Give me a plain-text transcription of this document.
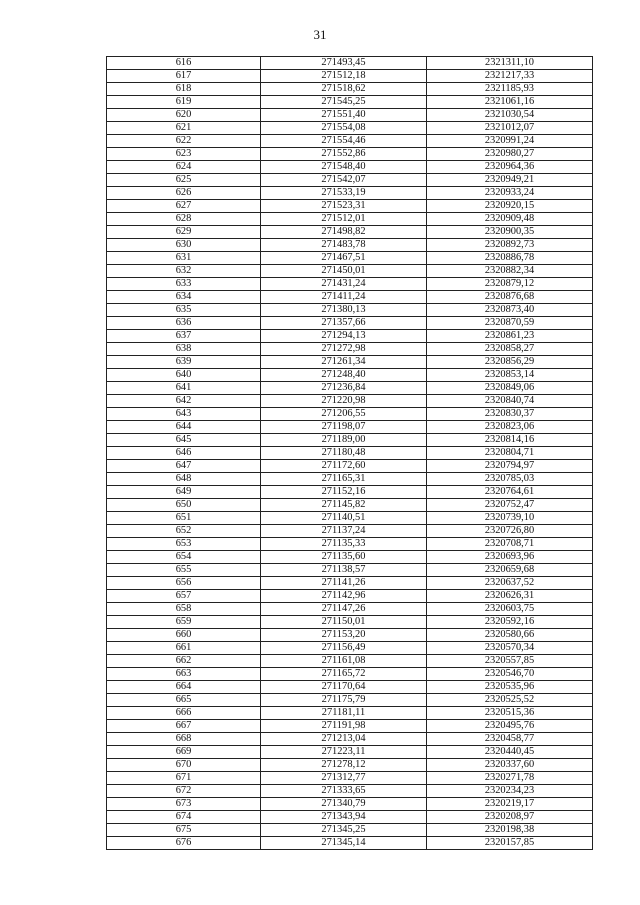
31
616	271493,45	2321311,10
617	271512,18	2321217,33
618	271518,62	2321185,93
619	271545,25	2321061,16
620	271551,40	2321030,54
621	271554,08	2321012,07
622	271554,46	2320991,24
623	271552,86	2320980,27
624	271548,40	2320964,36
625	271542,07	2320949,21
626	271533,19	2320933,24
627	271523,31	2320920,15
628	271512,01	2320909,48
629	271498,82	2320900,35
630	271483,78	2320892,73
631	271467,51	2320886,78
632	271450,01	2320882,34
633	271431,24	2320879,12
634	271411,24	2320876,68
635	271380,13	2320873,40
636	271357,66	2320870,59
637	271294,13	2320861,23
638	271272,98	2320858,27
639	271261,34	2320856,29
640	271248,40	2320853,14
641	271236,84	2320849,06
642	271220,98	2320840,74
643	271206,55	2320830,37
644	271198,07	2320823,06
645	271189,00	2320814,16
646	271180,48	2320804,71
647	271172,60	2320794,97
648	271165,31	2320785,03
649	271152,16	2320764,61
650	271145,82	2320752,47
651	271140,51	2320739,10
652	271137,24	2320726,80
653	271135,33	2320708,71
654	271135,60	2320693,96
655	271138,57	2320659,68
656	271141,26	2320637,52
657	271142,96	2320626,31
658	271147,26	2320603,75
659	271150,01	2320592,16
660	271153,20	2320580,66
661	271156,49	2320570,34
662	271161,08	2320557,85
663	271165,72	2320546,70
664	271170,64	2320535,96
665	271175,79	2320525,52
666	271181,11	2320515,36
667	271191,98	2320495,76
668	271213,04	2320458,77
669	271223,11	2320440,45
670	271278,12	2320337,60
671	271312,77	2320271,78
672	271333,65	2320234,23
673	271340,79	2320219,17
674	271343,94	2320208,97
675	271345,25	2320198,38
676	271345,14	2320157,85
